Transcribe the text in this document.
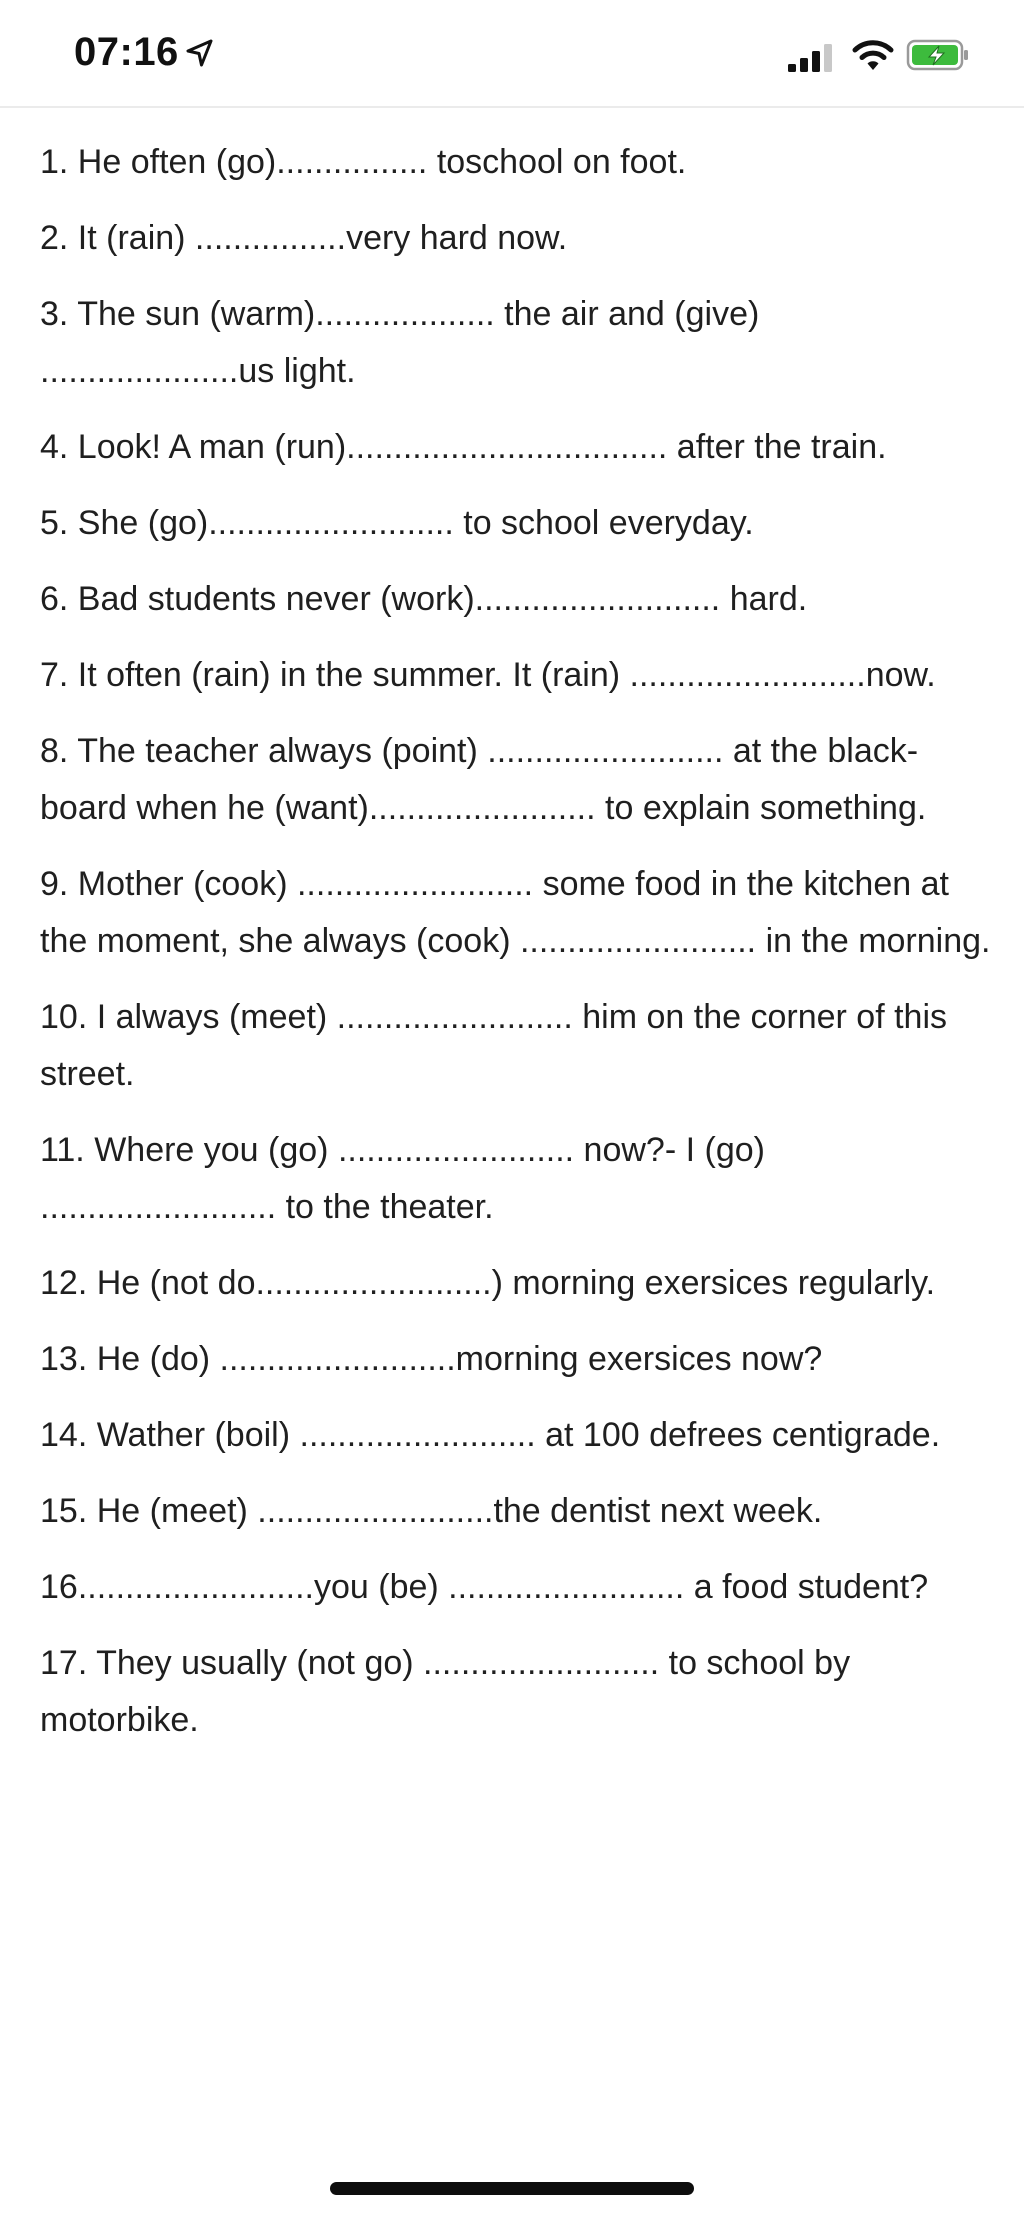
07:16

1. He often (go)................ toschool on foot.

2. It (rain) ................very hard now.

3. The sun (warm)................... the air and (give) .....................us light.

4. Look! A man (run).................................. after the train.

5. She (go).......................... to school everyday.

6. Bad students never (work).......................... hard.

7. It often (rain) in the summer. It (rain) .........................now.

8. The teacher always (point) ......................... at the black-board when he (want)........................ to explain something.

9. Mother (cook) ......................... some food in the kitchen at the moment, she always (cook) ......................... in the morning.

10. I always (meet) ......................... him on the corner of this street.

11. Where you (go) ......................... now?- I (go) ......................... to the theater.

12. He (not do.........................) morning exersices regularly.

13. He (do) .........................morning exersices now?

14. Wather (boil) ......................... at 100 defrees centigrade.

15. He (meet) .........................the dentist next week.

16.........................you (be) ......................... a food student?

17. They usually (not go) ......................... to school by motorbike.
